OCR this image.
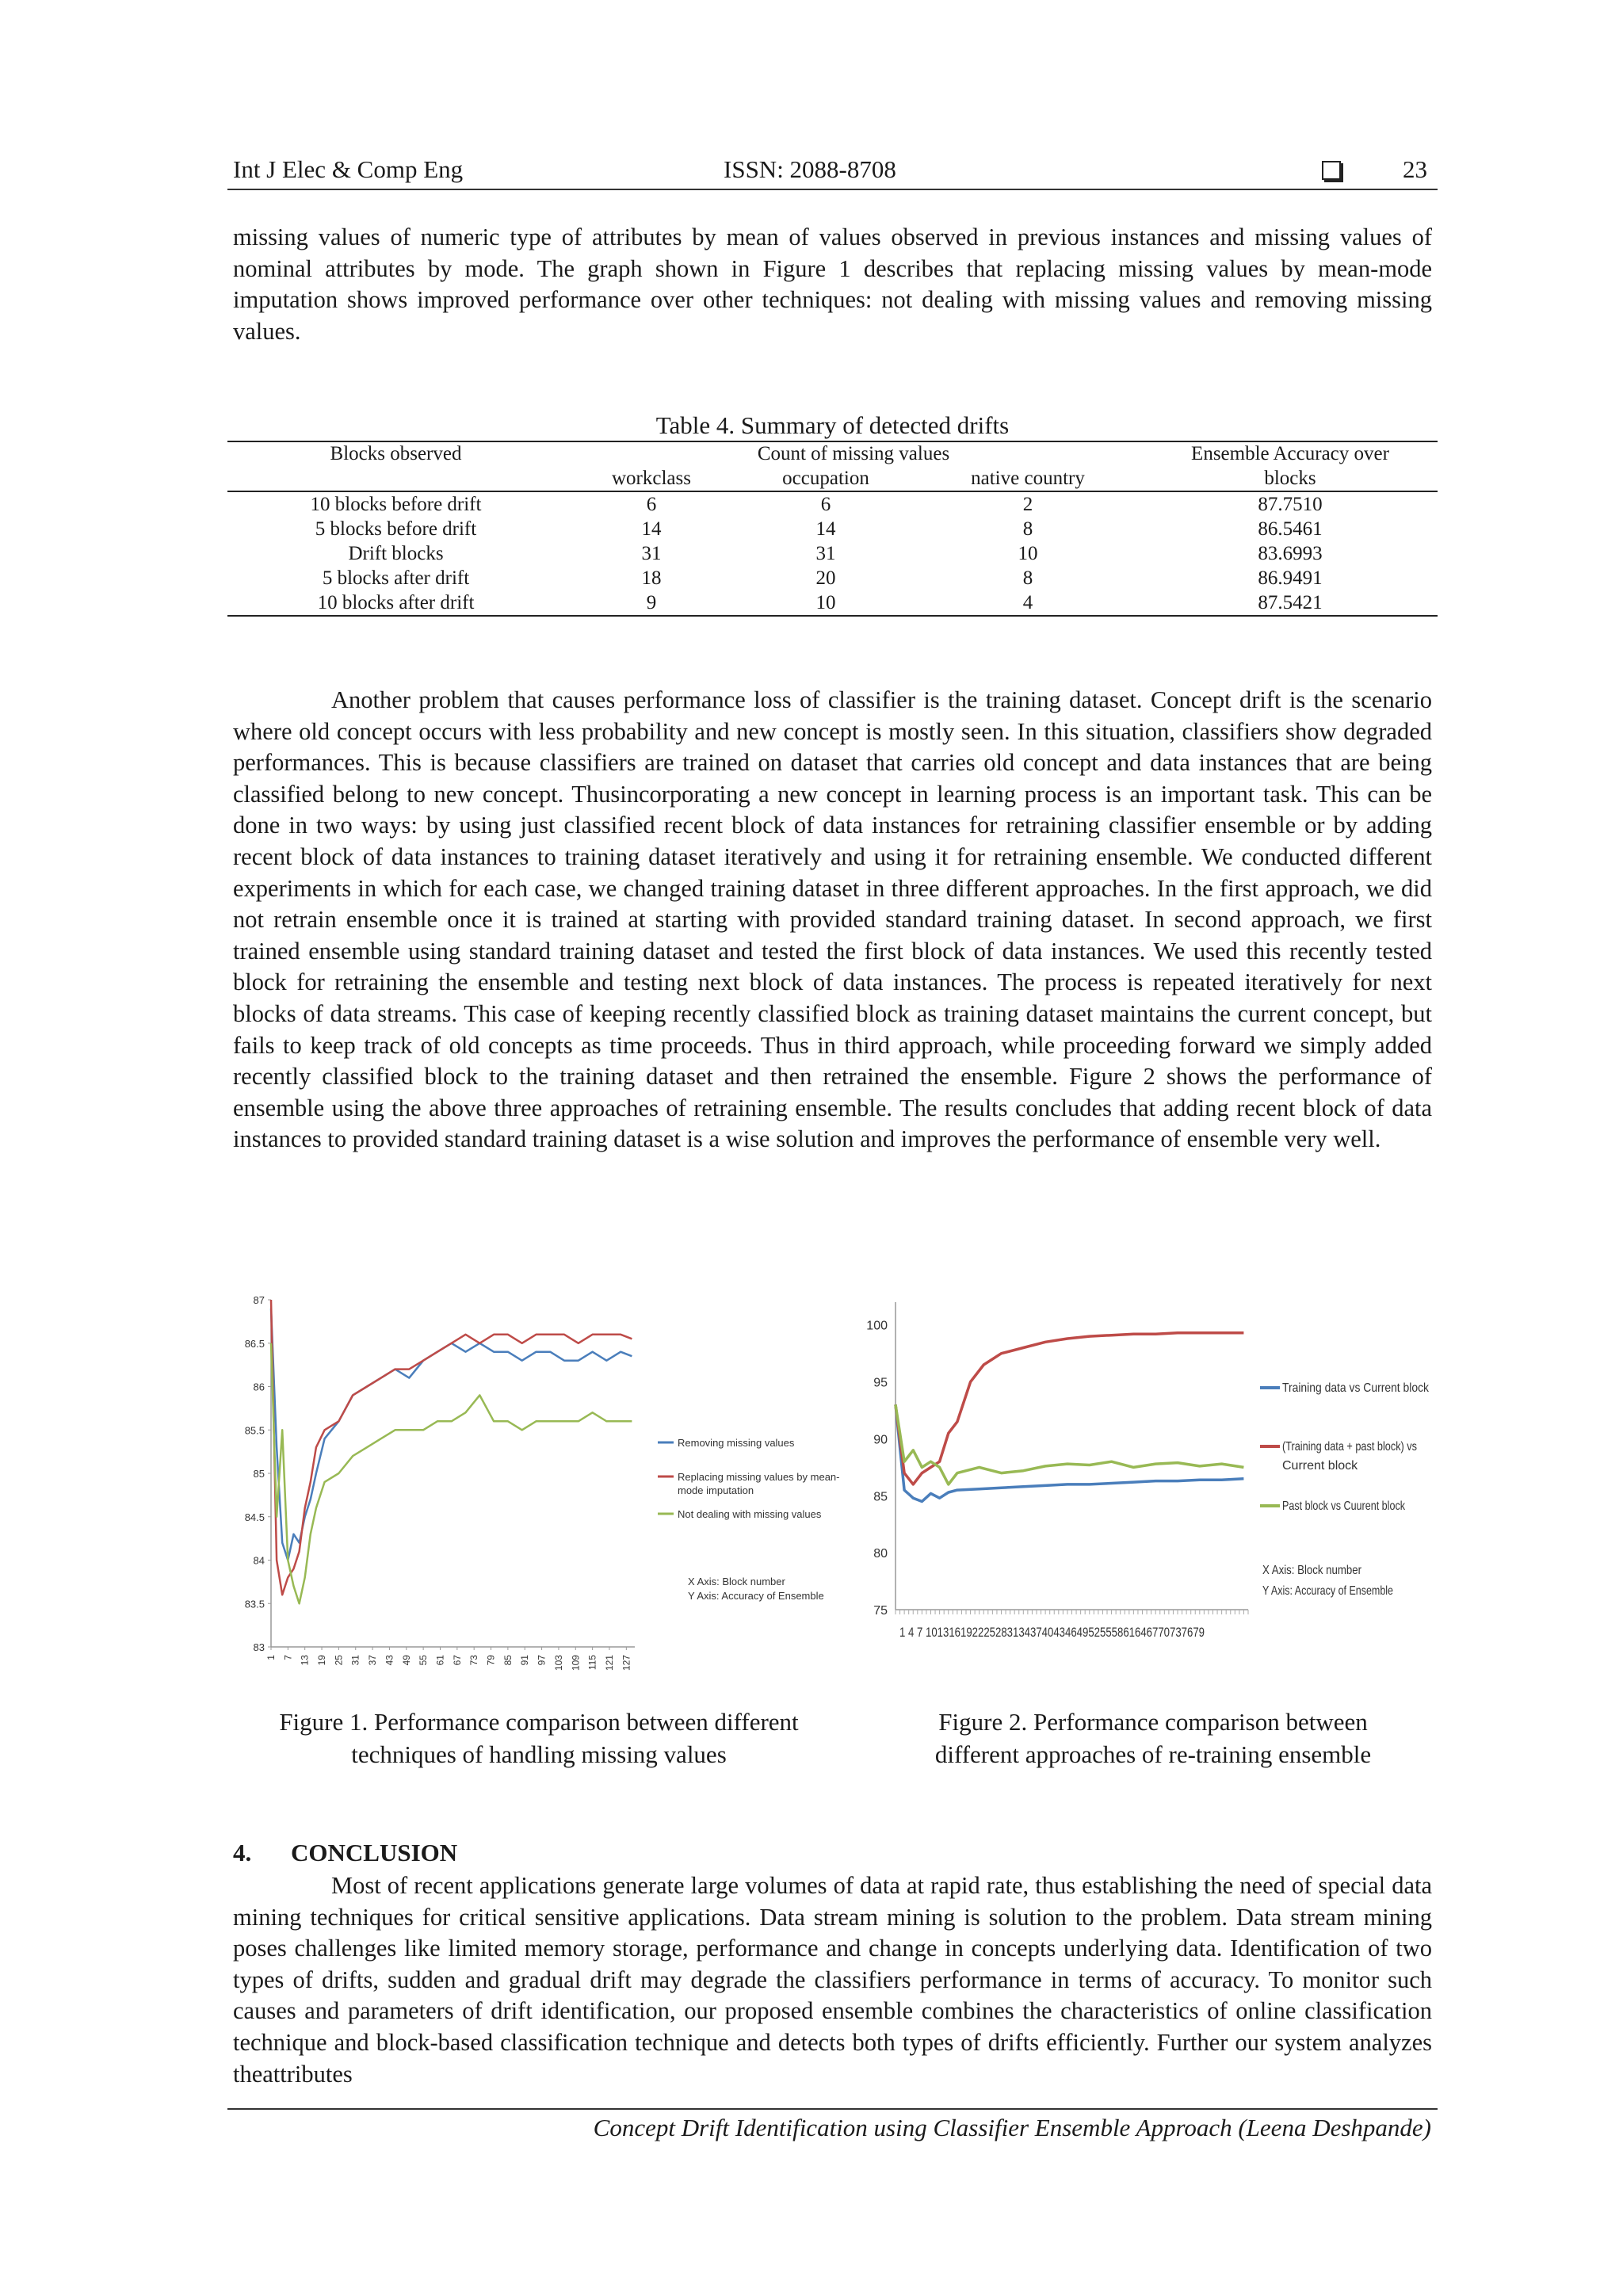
Int J Elec & Comp Eng	ISSN: 2088-8708	23

missing values of numeric type of attributes by mean of values observed in previous instances and missing values of nominal attributes by mode. The graph shown in Figure 1 describes that replacing missing values by mean-mode imputation shows improved performance over other techniques: not dealing with missing values and removing missing values.

Table 4. Summary of detected drifts
Blocks observed	Count of missing values			Ensemble Accuracy over
	workclass	occupation	native country	blocks
10 blocks before drift	6	6	2	87.7510
5 blocks before drift	14	14	8	86.5461
Drift blocks	31	31	10	83.6993
5 blocks after drift	18	20	8	86.9491
10 blocks after drift	9	10	4	87.5421

Another problem that causes performance loss of classifier is the training dataset. Concept drift is the scenario where old concept occurs with less probability and new concept is mostly seen. In this situation, classifiers show degraded performances. This is because classifiers are trained on dataset that carries old concept and data instances that are being classified belong to new concept. Thusincorporating a new concept in learning process is an important task. This can be done in two ways: by using just classified recent block of data instances for retraining classifier ensemble or by adding recent block of data instances to training dataset iteratively and using it for retraining ensemble. We conducted different experiments in which for each case, we changed training dataset in three different approaches. In the first approach, we did not retrain ensemble once it is trained at starting with provided standard training dataset. In second approach, we first trained ensemble using standard training dataset and tested the first block of data instances. We used this recently tested block for retraining the ensemble and testing next block of data instances. The process is repeated iteratively for next blocks of data streams. This case of keeping recently classified block as training dataset maintains the current concept, but fails to keep track of old concepts as time proceeds. Thus in third approach, while proceeding forward we simply added recently classified block to the training dataset and then retrained the ensemble. Figure 2 shows the performance of ensemble using the above three approaches of retraining ensemble. The results concludes that adding recent block of data instances to provided standard training dataset is a wise solution and improves the performance of ensemble very well.

87
86.5
86
85.5
85
84.5
84
83.5
83
1 7 13 19 25 31 37 43 49 55 61 67 73 79 85 91 97 103 109 115 121 127
Removing missing values
Replacing missing values by mean-
mode imputation
Not dealing with missing values
X Axis: Block number
Y Axis: Accuracy of Ensemble
100
95
90
85
80
75
1 4 7 101316192225283134374043464952555861646770737679
Training data vs Current block
(Training data + past block) vs
Current block
Past block vs Cuurent block
X Axis: Block number
Y Axis: Accuracy of Ensemble
Figure 1. Performance comparison between different
techniques of handling missing values
Figure 2. Performance comparison between
different approaches of re-training ensemble
4. CONCLUSION

Most of recent applications generate large volumes of data at rapid rate, thus establishing the need of special data mining techniques for critical sensitive applications. Data stream mining is solution to the problem. Data stream mining poses challenges like limited memory storage, performance and change in concepts underlying data. Identification of two types of drifts, sudden and gradual drift may degrade the classifiers performance in terms of accuracy. To monitor such causes and parameters of drift identification, our proposed ensemble combines the characteristics of online classification technique and block-based classification technique and detects both types of drifts efficiently. Further our system analyzes theattributes

Concept Drift Identification using Classifier Ensemble Approach (Leena Deshpande)
